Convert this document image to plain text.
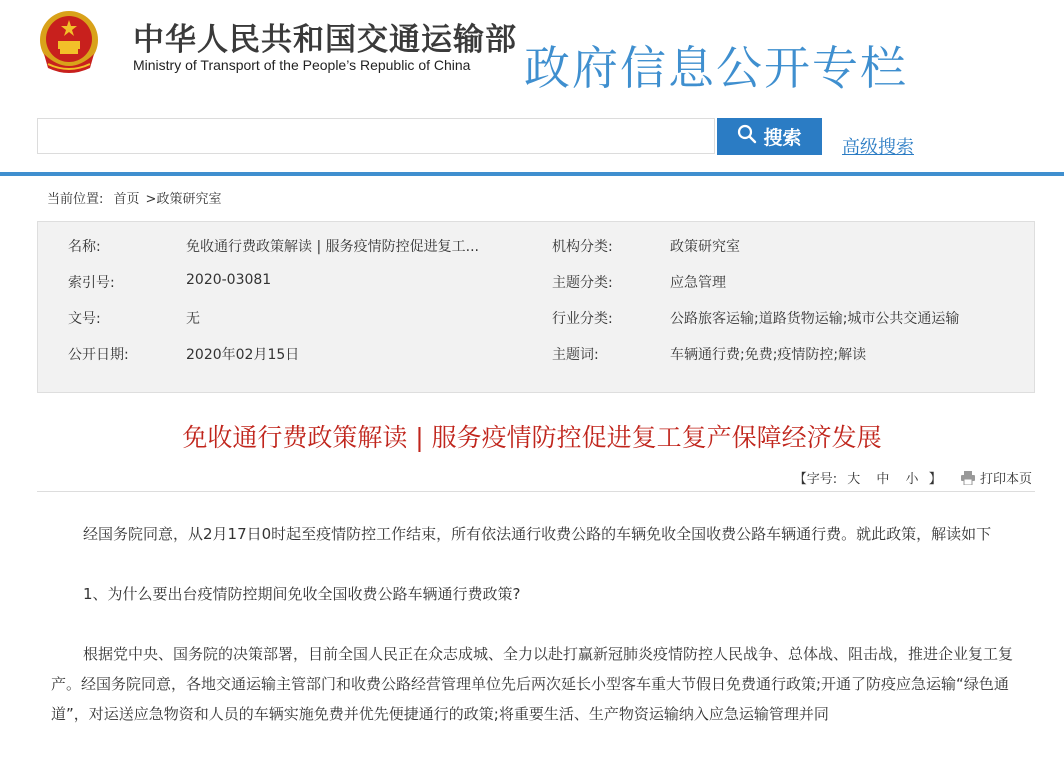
中华人民共和国交通运输部
Ministry of Transport of the People’s Republic of China 政府信息公开专栏
搜索 高级搜索
当前位置: 首页 >政策研究室
名称:	免收通行费政策解读 | 服务疫情防控促进复工...	机构分类:	政策研究室
索引号:	2020-03081	主题分类:	应急管理
文号:	无	行业分类:	公路旅客运输;道路货物运输;城市公共交通运输
公开日期:	2020年02月15日	主题词:	车辆通行费;免费;疫情防控;解读
免收通行费政策解读 | 服务疫情防控促进复工复产保障经济发展
【字号: 大 中 小 】	打印本页

经国务院同意，从2月17日0时起至疫情防控工作结束，所有依法通行收费公路的车辆免收全国收费公路车辆通行费。就此政策，解读如下

1、为什么要出台疫情防控期间免收全国收费公路车辆通行费政策?

根据党中央、国务院的决策部署，目前全国人民正在众志成城、全力以赴打赢新冠肺炎疫情防控人民战争、总体战、阻击战，推进企业复工复产。经国务院同意，各地交通运输主管部门和收费公路经营管理单位先后两次延长小型客车重大节假日免费通行政策;开通了防疫应急运输“绿色通道”，对运送应急物资和人员的车辆实施免费并优先便捷通行的政策;将重要生活、生产物资运输纳入应急运输管理并同
